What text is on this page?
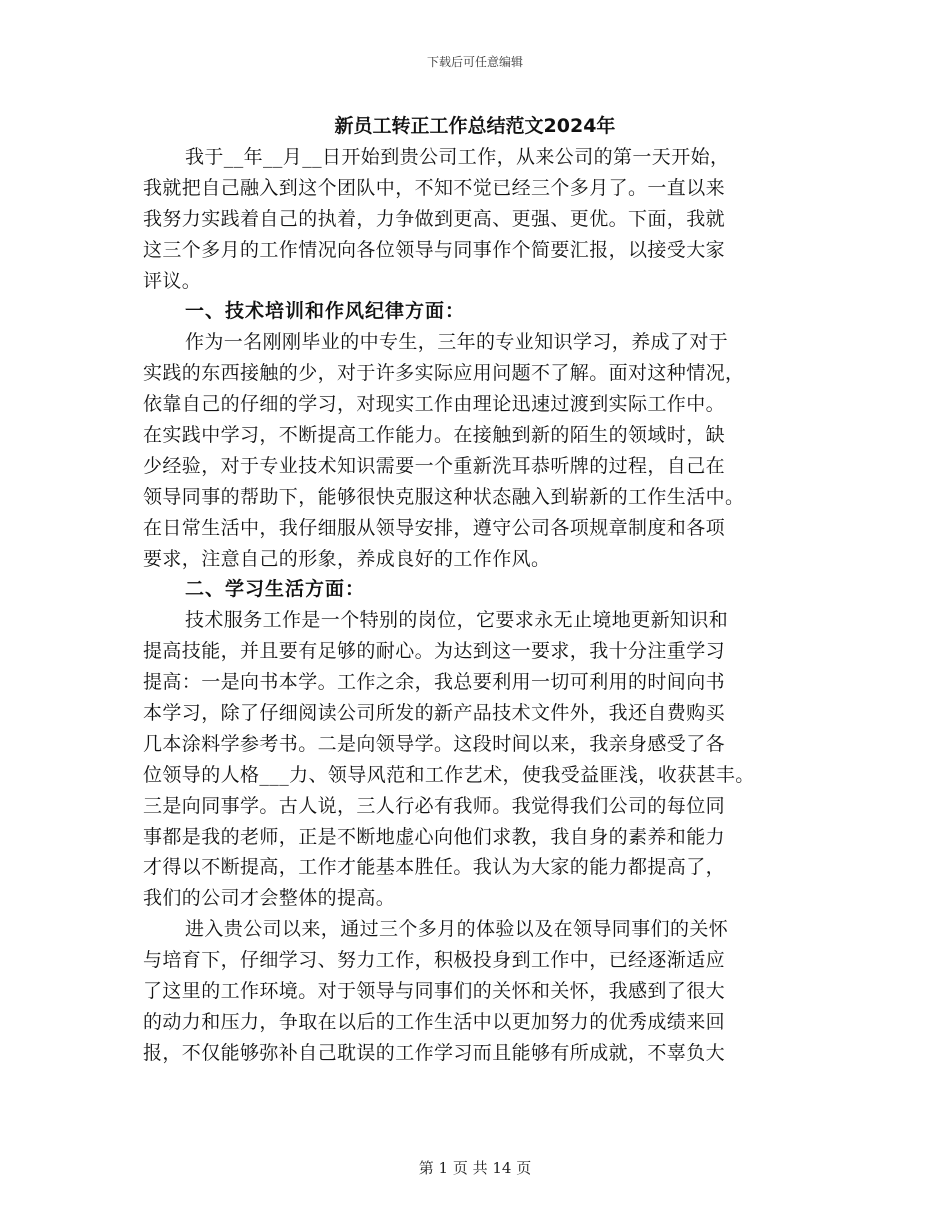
下载后可任意编辑
新员工转正工作总结范文2024年
我于__年__月__日开始到贵公司工作，从来公司的第一天开始，
我就把自己融入到这个团队中，不知不觉已经三个多月了。一直以来
我努力实践着自己的执着，力争做到更高、更强、更优。下面，我就
这三个多月的工作情况向各位领导与同事作个简要汇报，以接受大家
评议。
一、技术培训和作风纪律方面：
作为一名刚刚毕业的中专生，三年的专业知识学习，养成了对于
实践的东西接触的少，对于许多实际应用问题不了解。面对这种情况，
依靠自己的仔细的学习，对现实工作由理论迅速过渡到实际工作中。
在实践中学习，不断提高工作能力。在接触到新的陌生的领域时，缺
少经验，对于专业技术知识需要一个重新洗耳恭听牌的过程，自己在
领导同事的帮助下，能够很快克服这种状态融入到崭新的工作生活中。
在日常生活中，我仔细服从领导安排，遵守公司各项规章制度和各项
要求，注意自己的形象，养成良好的工作作风。
二、学习生活方面：
技术服务工作是一个特别的岗位，它要求永无止境地更新知识和
提高技能，并且要有足够的耐心。为达到这一要求，我十分注重学习
提高：一是向书本学。工作之余，我总要利用一切可利用的时间向书
本学习，除了仔细阅读公司所发的新产品技术文件外，我还自费购买
几本涂料学参考书。二是向领导学。这段时间以来，我亲身感受了各
位领导的人格___力、领导风范和工作艺术，使我受益匪浅，收获甚丰。
三是向同事学。古人说，三人行必有我师。我觉得我们公司的每位同
事都是我的老师，正是不断地虚心向他们求教，我自身的素养和能力
才得以不断提高，工作才能基本胜任。我认为大家的能力都提高了，
我们的公司才会整体的提高。
进入贵公司以来，通过三个多月的体验以及在领导同事们的关怀
与培育下，仔细学习、努力工作，积极投身到工作中，已经逐渐适应
了这里的工作环境。对于领导与同事们的关怀和关怀，我感到了很大
的动力和压力，争取在以后的工作生活中以更加努力的优秀成绩来回
报，不仅能够弥补自己耽误的工作学习而且能够有所成就，不辜负大
第 1 页 共 14 页
